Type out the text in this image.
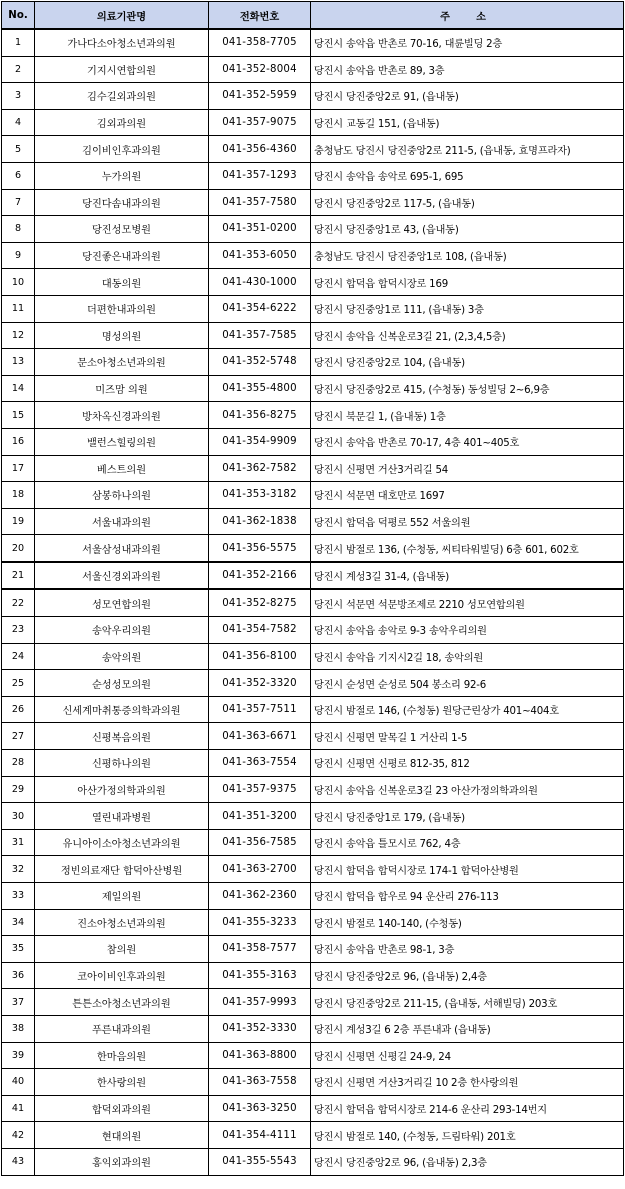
No.	의료기관명	전화번호	주　소
1	가나다소아청소년과의원	041-358-7705	당진시 송악읍 반촌로 70-16, 대륜빌딩 2층
2	기지시연합의원	041-352-8004	당진시 송악읍 반촌로 89, 3층
3	김수길외과의원	041-352-5959	당진시 당진중앙2로 91, (읍내동)
4	김외과의원	041-357-9075	당진시 교동길 151, (읍내동)
5	김이비인후과의원	041-356-4360	충청남도 당진시 당진중앙2로 211-5, (읍내동, 효명프라자)
6	누가의원	041-357-1293	당진시 송악읍 송악로 695-1, 695
7	당진다솜내과의원	041-357-7580	당진시 당진중앙2로 117-5, (읍내동)
8	당진성모병원	041-351-0200	당진시 당진중앙1로 43, (읍내동)
9	당진좋은내과의원	041-353-6050	충청남도 당진시 당진중앙1로 108, (읍내동)
10	대동의원	041-430-1000	당진시 합덕읍 합덕시장로 169
11	더편한내과의원	041-354-6222	당진시 당진중앙1로 111, (읍내동) 3층
12	명성의원	041-357-7585	당진시 송악읍 신복운로3길 21, (2,3,4,5층)
13	문소아청소년과의원	041-352-5748	당진시 당진중앙2로 104, (읍내동)
14	미즈맘 의원	041-355-4800	당진시 당진중앙2로 415, (수청동) 동성빌딩 2~6,9층
15	방차옥신경과의원	041-356-8275	당진시 북문길 1, (읍내동) 1층
16	밸런스힐링의원	041-354-9909	당진시 송악읍 반촌로 70-17, 4층 401~405호
17	베스트의원	041-362-7582	당진시 신평면 거산3거리길 54
18	삼봉하나의원	041-353-3182	당진시 석문면 대호만로 1697
19	서울내과의원	041-362-1838	당진시 합덕읍 덕평로 552 서울의원
20	서울삼성내과의원	041-356-5575	당진시 밤절로 136, (수청동, 씨티타워빌딩) 6층 601, 602호
21	서울신경외과의원	041-352-2166	당진시 계성3길 31-4, (읍내동)
22	성모연합의원	041-352-8275	당진시 석문면 석문방조제로 2210 성모연합의원
23	송악우리의원	041-354-7582	당진시 송악읍 송악로 9-3 송악우리의원
24	송악의원	041-356-8100	당진시 송악읍 기지시2길 18, 송악의원
25	순성성모의원	041-352-3320	당진시 순성면 순성로 504 봉소리 92-6
26	신세계마취통증의학과의원	041-357-7511	당진시 밤절로 146, (수청동) 원당근린상가 401~404호
27	신평복음의원	041-363-6671	당진시 신평면 말목길 1 거산리 1-5
28	신평하나의원	041-363-7554	당진시 신평면 신평로 812-35, 812
29	아산가정의학과의원	041-357-9375	당진시 송악읍 신복운로3길 23 아산가정의학과의원
30	열린내과병원	041-351-3200	당진시 당진중앙1로 179, (읍내동)
31	유니아이소아청소년과의원	041-356-7585	당진시 송악읍 틀모시로 762, 4층
32	정빈의료재단 합덕아산병원	041-363-2700	당진시 합덕읍 합덕시장로 174-1 합덕아산병원
33	제일의원	041-362-2360	당진시 합덕읍 합우로 94 운산리 276-113
34	진소아청소년과의원	041-355-3233	당진시 밤절로 140-140, (수청동)
35	참의원	041-358-7577	당진시 송악읍 반촌로 98-1, 3층
36	코아이비인후과의원	041-355-3163	당진시 당진중앙2로 96, (읍내동) 2,4층
37	튼튼소아청소년과의원	041-357-9993	당진시 당진중앙2로 211-15, (읍내동, 서해빌딩) 203호
38	푸른내과의원	041-352-3330	당진시 계성3길 6 2층 푸른내과 (읍내동)
39	한마음의원	041-363-8800	당진시 신평면 신평길 24-9, 24
40	한사랑의원	041-363-7558	당진시 신평면 거산3거리길 10 2층 한사랑의원
41	합덕외과의원	041-363-3250	당진시 합덕읍 합덕시장로 214-6 운산리 293-14번지
42	현대의원	041-354-4111	당진시 밤절로 140, (수청동, 드림타워) 201호
43	홍익외과의원	041-355-5543	당진시 당진중앙2로 96, (읍내동) 2,3층
